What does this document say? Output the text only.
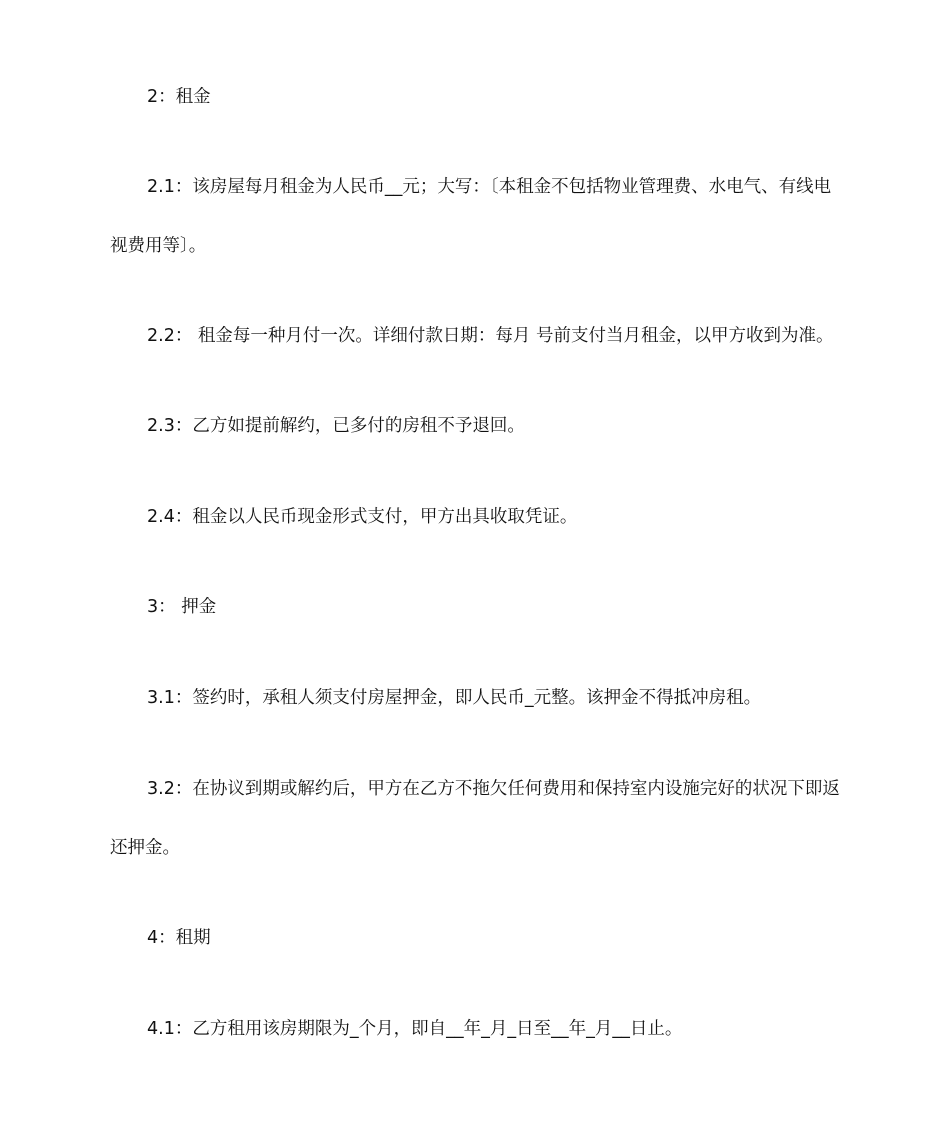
2：租金
2.1：该房屋每月租金为人民币__元；大写：〔本租金不包括物业管理费、水电气、有线电视费用等〕。
2.2： 租金每一种月付一次。详细付款日期：每月 号前支付当月租金，以甲方收到为准。
2.3：乙方如提前解约，已多付的房租不予退回。
2.4：租金以人民币现金形式支付，甲方出具收取凭证。
3： 押金
3.1：签约时，承租人须支付房屋押金，即人民币_元整。该押金不得抵冲房租。
3.2：在协议到期或解约后，甲方在乙方不拖欠任何费用和保持室内设施完好的状况下即返还押金。
4：租期
4.1：乙方租用该房期限为_个月，即自__年_月_日至__年_月__日止。
